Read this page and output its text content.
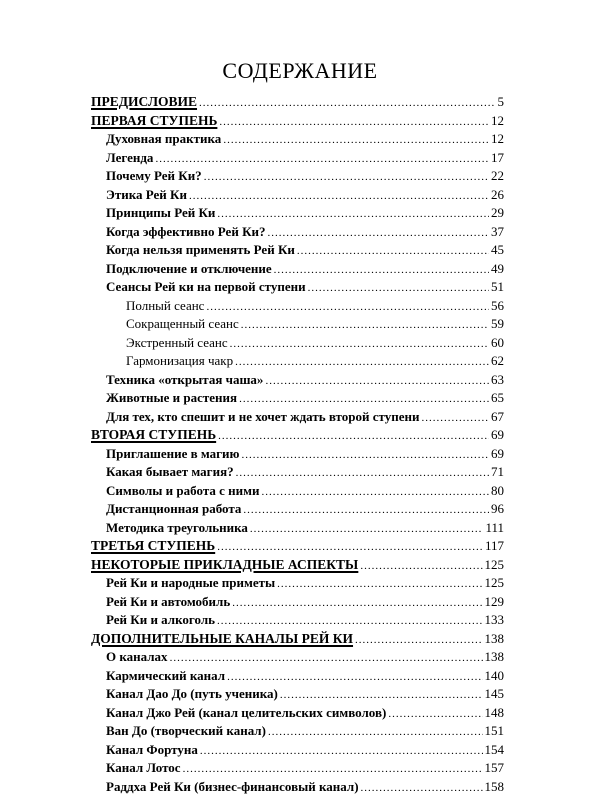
СОДЕРЖАНИЕ
ПРЕДИСЛОВИЕ .....	5
ПЕРВАЯ СТУПЕНЬ .....	12
Духовная практика .....	12
Легенда .....	17
Почему Рей Ки? .....	22
Этика Рей Ки .....	26
Принципы Рей Ки .....	29
Когда эффективно Рей Ки? .....	37
Когда нельзя применять Рей Ки .....	45
Подключение и отключение .....	49
Сеансы Рей ки на первой ступени .....	51
Полный сеанс .....	56
Сокращенный сеанс .....	59
Экстренный сеанс .....	60
Гармонизация чакр .....	62
Техника «открытая чаша» .....	63
Животные и растения .....	65
Для тех, кто спешит и не хочет ждать второй ступени .....	67
ВТОРАЯ СТУПЕНЬ .....	69
Приглашение в магию .....	69
Какая бывает магия? .....	71
Символы и работа с ними .....	80
Дистанционная работа .....	96
Методика треугольника .....	111
ТРЕТЬЯ СТУПЕНЬ .....	117
НЕКОТОРЫЕ ПРИКЛАДНЫЕ АСПЕКТЫ .....	125
Рей Ки и народные приметы .....	125
Рей Ки и автомобиль .....	129
Рей Ки и алкоголь .....	133
ДОПОЛНИТЕЛЬНЫЕ КАНАЛЫ РЕЙ КИ .....	138
О каналах .....	138
Кармический канал .....	140
Канал Дао До (путь ученика) .....	145
Канал Джо Рей (канал целительских символов) .....	148
Ван До (творческий канал) .....	151
Канал Фортуна .....	154
Канал Лотос .....	157
Раддха Рей Ки (бизнес-финансовый канал) .....	158
